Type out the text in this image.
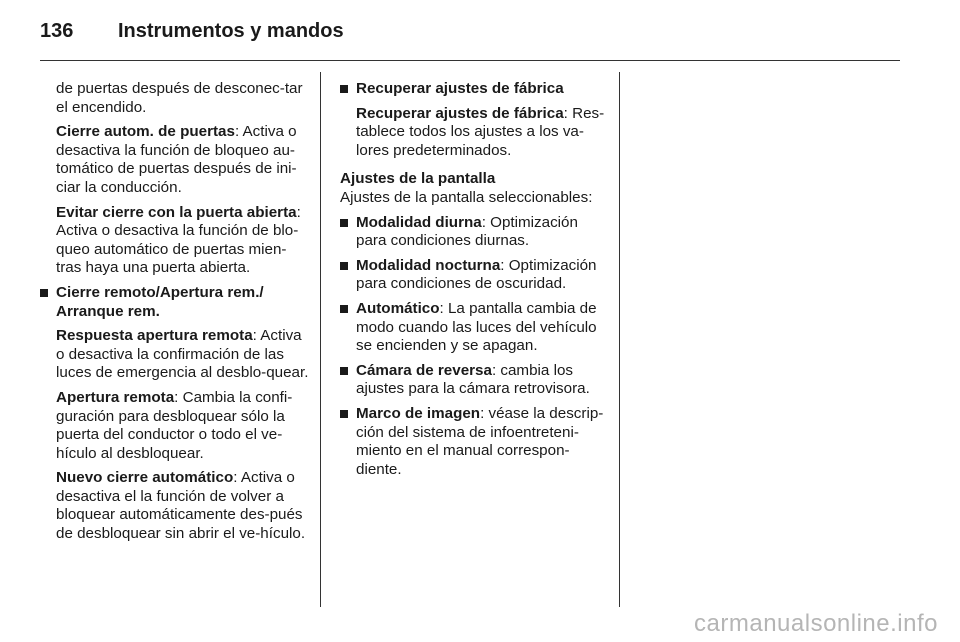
136 Instrumentos y mandos

de puertas después de desconec-tar el encendido.

Cierre autom. de puertas: Activa o desactiva la función de bloqueo au-tomático de puertas después de ini-ciar la conducción.

Evitar cierre con la puerta abierta: Activa o desactiva la función de blo-queo automático de puertas mien-tras haya una puerta abierta.

Cierre remoto/Apertura rem./ Arranque rem.

Respuesta apertura remota: Activa o desactiva la confirmación de las luces de emergencia al desblo-quear.

Apertura remota: Cambia la confi-guración para desbloquear sólo la puerta del conductor o todo el ve-hículo al desbloquear.

Nuevo cierre automático: Activa o desactiva el la función de volver a bloquear automáticamente des-pués de desbloquear sin abrir el ve-hículo.

Recuperar ajustes de fábrica

Recuperar ajustes de fábrica: Res-tablece todos los ajustes a los va-lores predeterminados.

Ajustes de la pantalla

Ajustes de la pantalla seleccionables:

Modalidad diurna: Optimización para condiciones diurnas.
Modalidad nocturna: Optimización para condiciones de oscuridad.
Automático: La pantalla cambia de modo cuando las luces del vehículo se encienden y se apagan.
Cámara de reversa: cambia los ajustes para la cámara retrovisora.
Marco de imagen: véase la descrip-ción del sistema de infoentreteni-miento en el manual correspon-diente.
carmanualsonline.info
